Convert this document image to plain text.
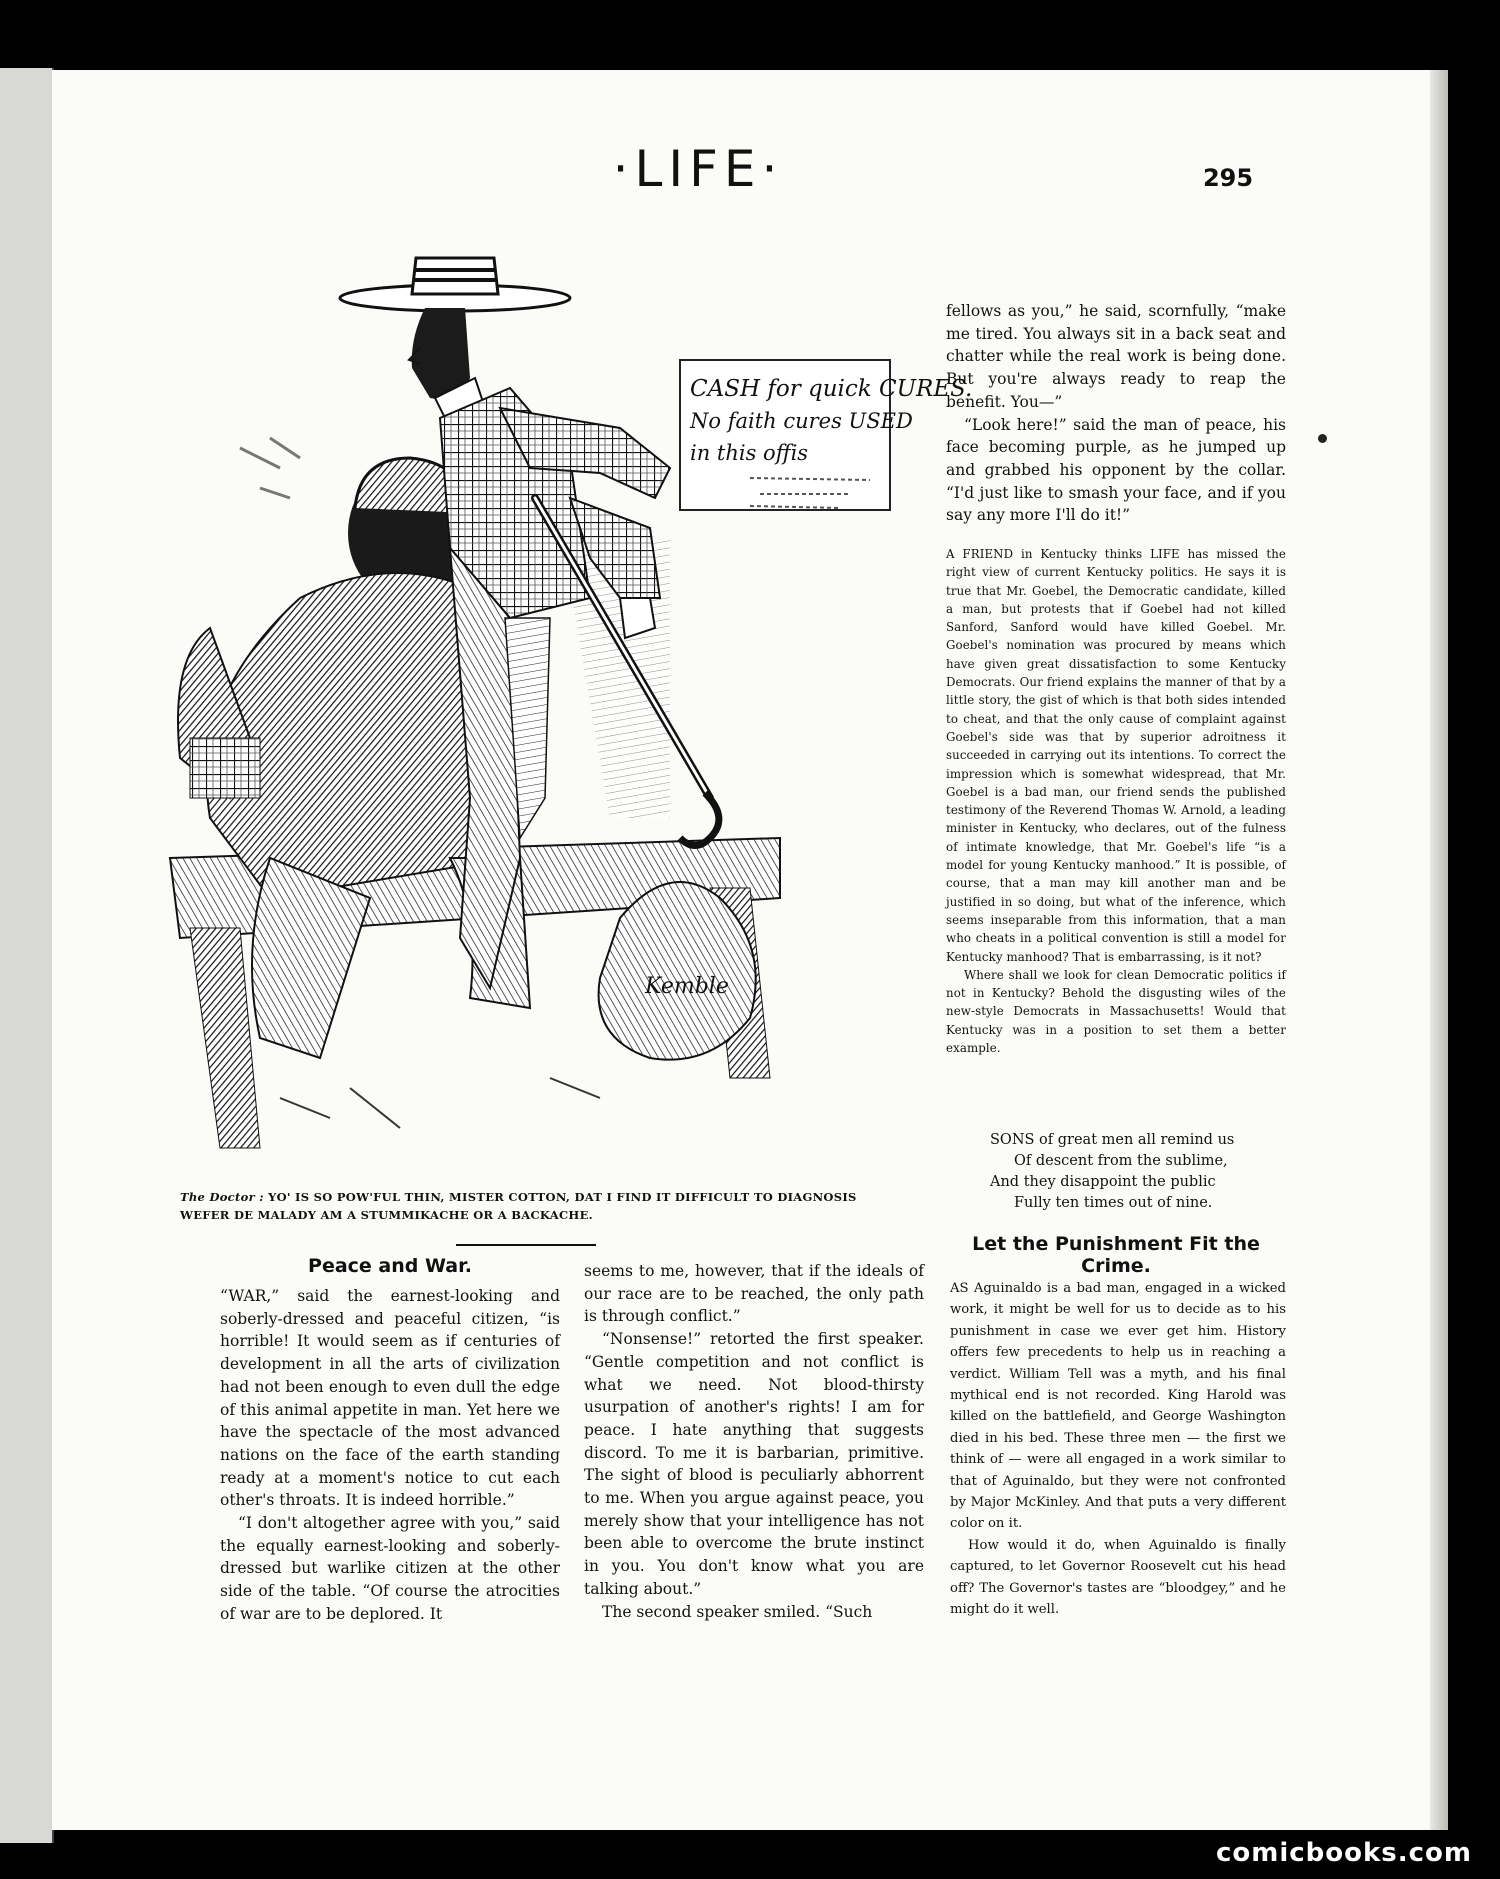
·LIFE·	295
CASH for quick CURES.
No faith cures USED
in this offis
Kemble
The Doctor : YO' IS SO POW'FUL THIN, MISTER COTTON, DAT I FIND IT DIFFICULT TO DIAGNOSIS WEFER DE MALADY AM A STUMMIKACHE OR A BACKACHE.
Peace and War.

“WAR,” said the earnest-looking and soberly-dressed and peaceful citizen, “is horrible! It would seem as if centuries of development in all the arts of civilization had not been enough to even dull the edge of this animal appetite in man. Yet here we have the spectacle of the most advanced nations on the face of the earth standing ready at a moment's notice to cut each other's throats. It is indeed horrible.”

“I don't altogether agree with you,” said the equally earnest-looking and soberly-dressed but warlike citizen at the other side of the table. “Of course the atrocities of war are to be deplored. It

seems to me, however, that if the ideals of our race are to be reached, the only path is through conflict.”

“Nonsense!” retorted the first speaker. “Gentle competition and not conflict is what we need. Not blood-thirsty usurpation of another's rights! I am for peace. I hate anything that suggests discord. To me it is barbarian, primitive. The sight of blood is peculiarly abhorrent to me. When you argue against peace, you merely show that your intelligence has not been able to overcome the brute instinct in you. You don't know what you are talking about.”

The second speaker smiled. “Such

fellows as you,” he said, scornfully, “make me tired. You always sit in a back seat and chatter while the real work is being done. But you're always ready to reap the benefit. You—”

“Look here!” said the man of peace, his face becoming purple, as he jumped up and grabbed his opponent by the collar. “I'd just like to smash your face, and if you say any more I'll do it!”

A FRIEND in Kentucky thinks LIFE has missed the right view of current Kentucky politics. He says it is true that Mr. Goebel, the Democratic candidate, killed a man, but protests that if Goebel had not killed Sanford, Sanford would have killed Goebel. Mr. Goebel's nomination was procured by means which have given great dissatisfaction to some Kentucky Democrats. Our friend explains the manner of that by a little story, the gist of which is that both sides intended to cheat, and that the only cause of complaint against Goebel's side was that by superior adroitness it succeeded in carrying out its intentions. To correct the impression which is somewhat widespread, that Mr. Goebel is a bad man, our friend sends the published testimony of the Reverend Thomas W. Arnold, a leading minister in Kentucky, who declares, out of the fulness of intimate knowledge, that Mr. Goebel's life “is a model for young Kentucky manhood.” It is possible, of course, that a man may kill another man and be justified in so doing, but what of the inference, which seems inseparable from this information, that a man who cheats in a political convention is still a model for Kentucky manhood? That is embarrassing, is it not?

Where shall we look for clean Democratic politics if not in Kentucky? Behold the disgusting wiles of the new-style Democrats in Massachusetts! Would that Kentucky was in a position to set them a better example.

SONS of great men all remind us
Of descent from the sublime,
And they disappoint the public
Fully ten times out of nine.
Let the Punishment Fit the Crime.

AS Aguinaldo is a bad man, engaged in a wicked work, it might be well for us to decide as to his punishment in case we ever get him. History offers few precedents to help us in reaching a verdict. William Tell was a myth, and his final mythical end is not recorded. King Harold was killed on the battlefield, and George Washington died in his bed. These three men — the first we think of — were all engaged in a work similar to that of Aguinaldo, but they were not confronted by Major McKinley. And that puts a very different color on it.

How would it do, when Aguinaldo is finally captured, to let Governor Roosevelt cut his head off? The Governor's tastes are “bloodgey,” and he might do it well.

comicbooks.com
